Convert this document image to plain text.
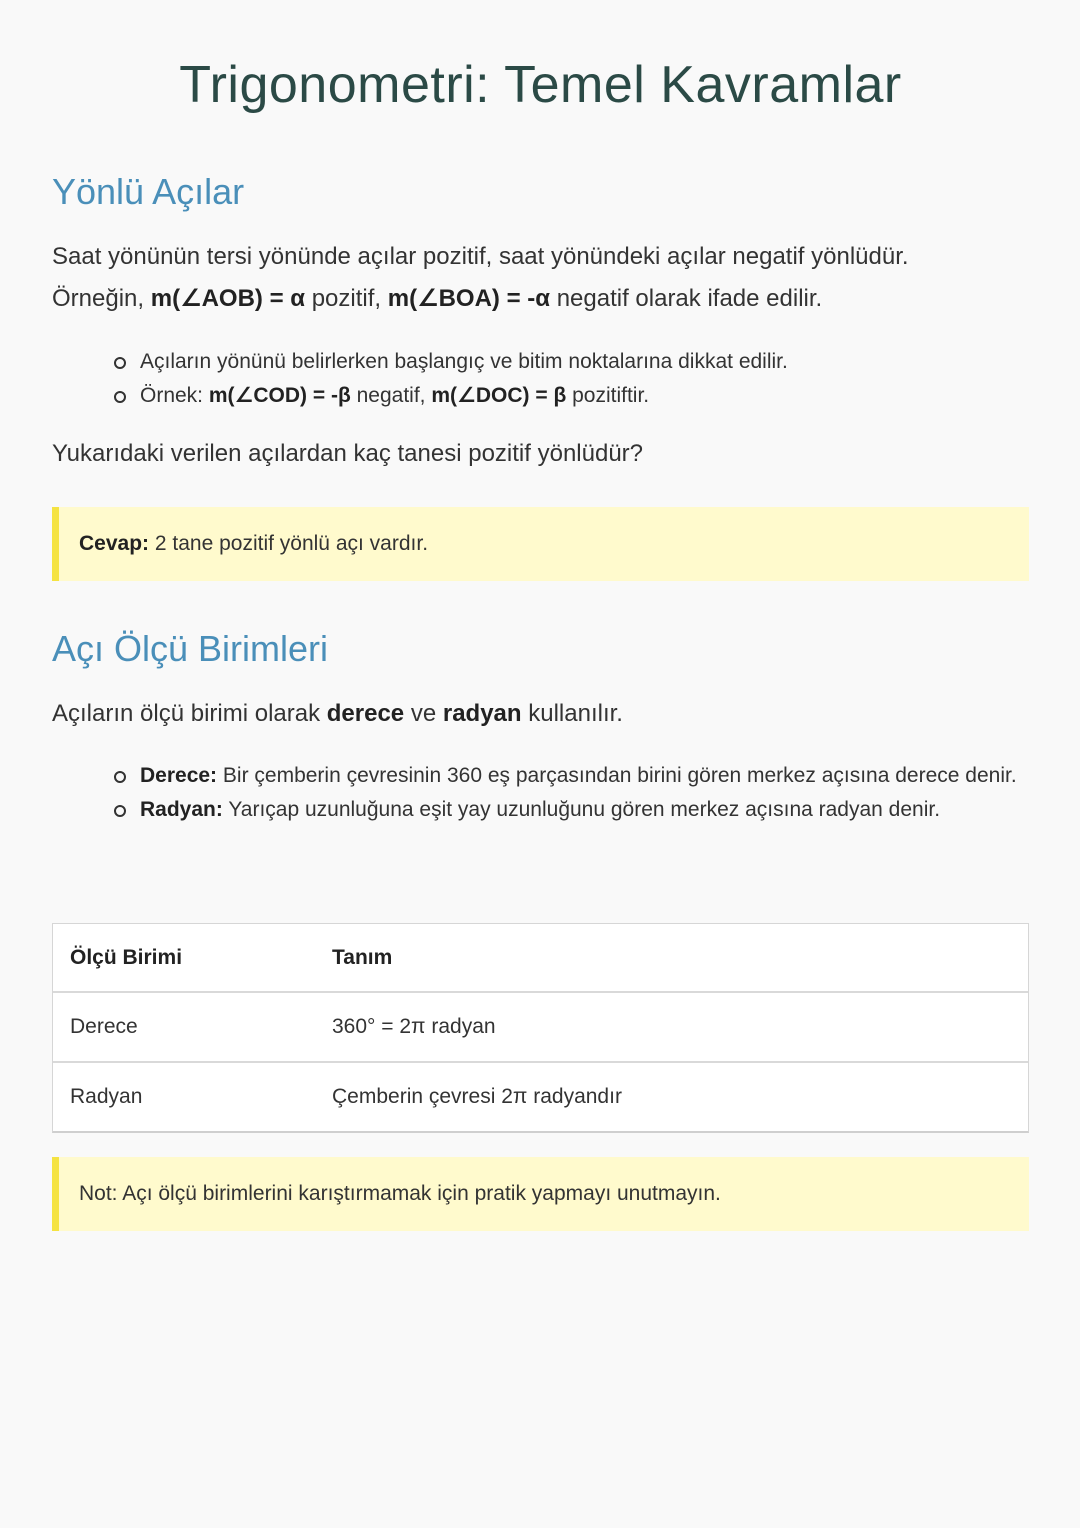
Trigonometri: Temel Kavramlar
Yönlü Açılar
Saat yönünün tersi yönünde açılar pozitif, saat yönündeki açılar negatif yönlüdür.
Örneğin, m(∠AOB) = α pozitif, m(∠BOA) = -α negatif olarak ifade edilir.
Açıların yönünü belirlerken başlangıç ve bitim noktalarına dikkat edilir.
Örnek: m(∠COD) = -β negatif, m(∠DOC) = β pozitiftir.
Yukarıdaki verilen açılardan kaç tanesi pozitif yönlüdür?
Cevap: 2 tane pozitif yönlü açı vardır.
Açı Ölçü Birimleri
Açıların ölçü birimi olarak derece ve radyan kullanılır.
Derece: Bir çemberin çevresinin 360 eş parçasından birini gören merkez açısına derece denir.
Radyan: Yarıçap uzunluğuna eşit yay uzunluğunu gören merkez açısına radyan denir.
Ölçü Birimi	Tanım
Derece	360° = 2π radyan
Radyan	Çemberin çevresi 2π radyandır
Not: Açı ölçü birimlerini karıştırmamak için pratik yapmayı unutmayın.
